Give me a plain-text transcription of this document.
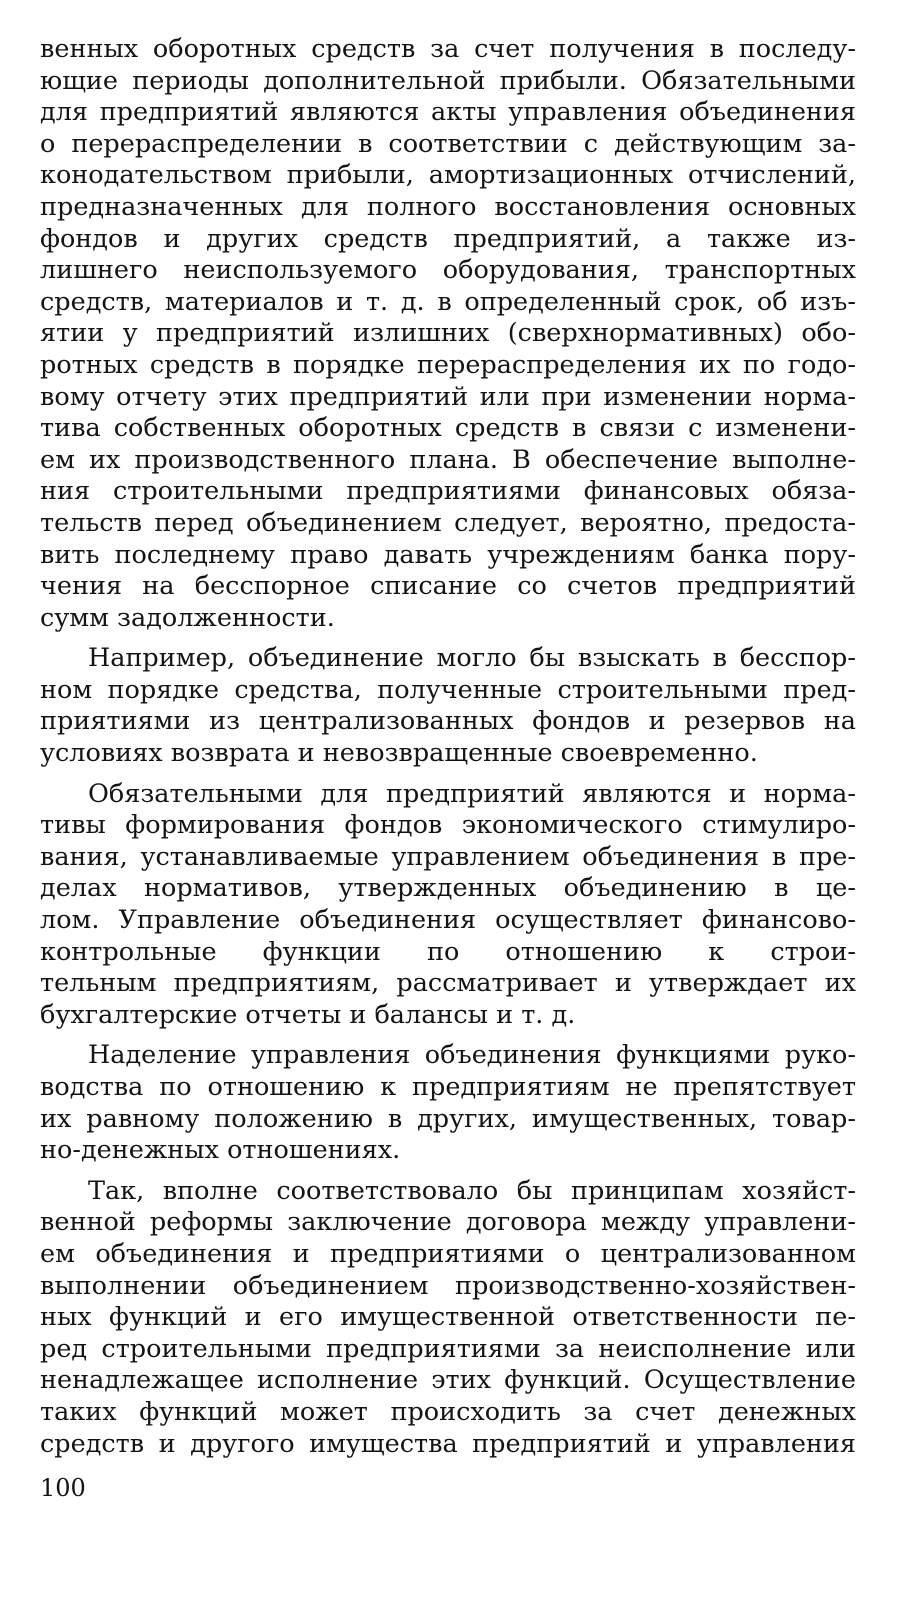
венных оборотных средств за счет получения в последу-
ющие периоды дополнительной прибыли. Обязательными
для предприятий являются акты управления объединения
о перераспределении в соответствии с действующим за-
конодательством прибыли, амортизационных отчислений,
предназначенных для полного восстановления основных
фондов и других средств предприятий, а также из-
лишнего неиспользуемого оборудования, транспортных
средств, материалов и т. д. в определенный срок, об изъ-
ятии у предприятий излишних (сверхнормативных) обо-
ротных средств в порядке перераспределения их по годо-
вому отчету этих предприятий или при изменении норма-
тива собственных оборотных средств в связи с изменени-
ем их производственного плана. В обеспечение выполне-
ния строительными предприятиями финансовых обяза-
тельств перед объединением следует, вероятно, предоста-
вить последнему право давать учреждениям банка пору-
чения на бесспорное списание со счетов предприятий
сумм задолженности.
Например, объединение могло бы взыскать в бесспор-
ном порядке средства, полученные строительными пред-
приятиями из централизованных фондов и резервов на
условиях возврата и невозвращенные своевременно.
Обязательными для предприятий являются и норма-
тивы формирования фондов экономического стимулиро-
вания, устанавливаемые управлением объединения в пре-
делах нормативов, утвержденных объединению в це-
лом. Управление объединения осуществляет финансово-
контрольные функции по отношению к строи-
тельным предприятиям, рассматривает и утверждает их
бухгалтерские отчеты и балансы и т. д.
Наделение управления объединения функциями руко-
водства по отношению к предприятиям не препятствует
их равному положению в других, имущественных, товар-
но-денежных отношениях.
Так, вполне соответствовало бы принципам хозяйст-
венной реформы заключение договора между управлени-
ем объединения и предприятиями о централизованном
выполнении объединением производственно-хозяйствен-
ных функций и его имущественной ответственности пе-
ред строительными предприятиями за неисполнение или
ненадлежащее исполнение этих функций. Осуществление
таких функций может происходить за счет денежных
средств и другого имущества предприятий и управления
100
